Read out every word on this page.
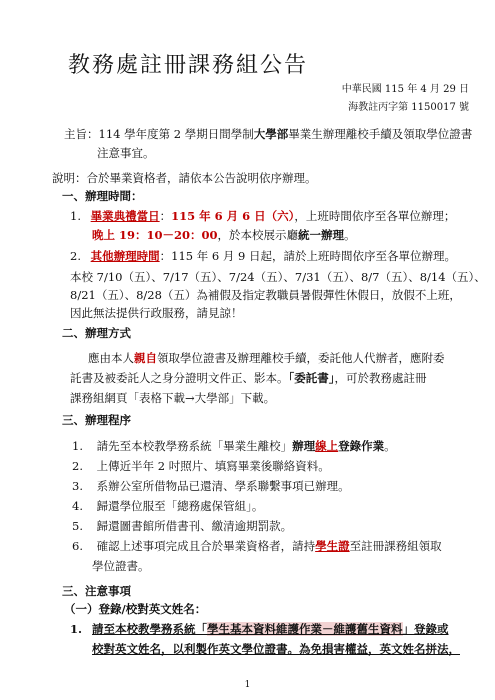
教務處註冊課務組公告
中華民國 115 年 4 月 29 日
海教註丙字第 1150017 號
主旨：114 學年度第 2 學期日間學制大學部畢業生辦理離校手續及領取學位證書
注意事宜。
說明：合於畢業資格者，請依本公告說明依序辦理。
一、辦理時間：
1. 畢業典禮當日：115 年 6 月 6 日（六），上班時間依序至各單位辦理；
晚上 19：10－20：00，於本校展示廳統一辦理。
2. 其他辦理時間：115 年 6 月 9 日起，請於上班時間依序至各單位辦理。
本校 7/10（五）、7/17（五）、7/24（五）、7/31（五）、8/7（五）、8/14（五）、
8/21（五）、8/28（五）為補假及指定教職員暑假彈性休假日，放假不上班，
因此無法提供行政服務，請見諒！
二、辦理方式
應由本人親自領取學位證書及辦理離校手續，委託他人代辦者，應附委
託書及被委託人之身分證明文件正、影本。「委託書」，可於教務處註冊
課務組網頁「表格下載→大學部」下載。
三、辦理程序
1. 請先至本校教學務系統「畢業生離校」辦理線上登錄作業。
2. 上傳近半年 2 吋照片、填寫畢業後聯絡資料。
3. 系辦公室所借物品已還清、學系聯繫事項已辦理。
4. 歸還學位服至「總務處保管組」。
5. 歸還圖書館所借書刊、繳清逾期罰款。
6. 確認上述事項完成且合於畢業資格者，請持學生證至註冊課務組領取
學位證書。
三、注意事項
（一）登錄/校對英文姓名：
1. 請至本校教學務系統「學生基本資料維護作業－維護舊生資料」登錄或
校對英文姓名，以利製作英文學位證書。為免損害權益，英文姓名拼法，
1
